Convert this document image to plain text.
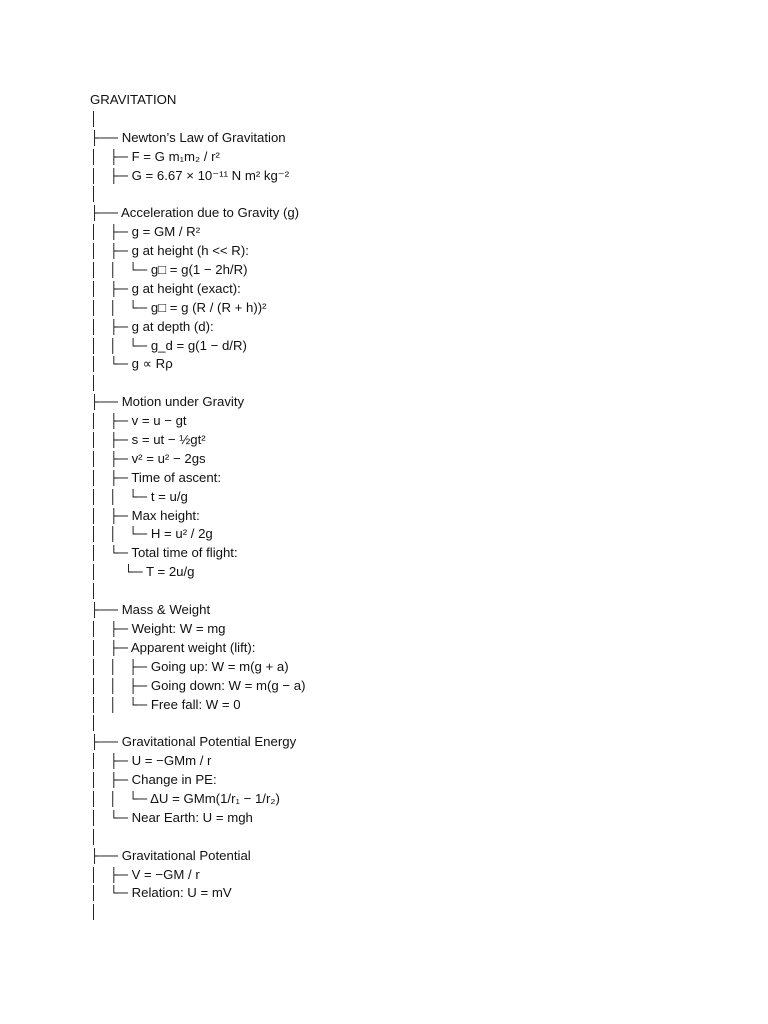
GRAVITATION
│
├── Newton’s Law of Gravitation
│   ├─ F = G m₁m₂ / r²
│   ├─ G = 6.67 × 10⁻¹¹ N m² kg⁻²
│
├── Acceleration due to Gravity (g)
│   ├─ g = GM / R²
│   ├─ g at height (h << R):
│   │   └─ g□ = g(1 − 2h/R)
│   ├─ g at height (exact):
│   │   └─ g□ = g (R / (R + h))²
│   ├─ g at depth (d):
│   │   └─ g_d = g(1 − d/R)
│   └─ g ∝ Rρ
│
├── Motion under Gravity
│   ├─ v = u − gt
│   ├─ s = ut − ½gt²
│   ├─ v² = u² − 2gs
│   ├─ Time of ascent:
│   │   └─ t = u/g
│   ├─ Max height:
│   │   └─ H = u² / 2g
│   └─ Total time of flight:
│       └─ T = 2u/g
│
├── Mass & Weight
│   ├─ Weight: W = mg
│   ├─ Apparent weight (lift):
│   │   ├─ Going up: W = m(g + a)
│   │   ├─ Going down: W = m(g − a)
│   │   └─ Free fall: W = 0
│
├── Gravitational Potential Energy
│   ├─ U = −GMm / r
│   ├─ Change in PE:
│   │   └─ ΔU = GMm(1/r₁ − 1/r₂)
│   └─ Near Earth: U = mgh
│
├── Gravitational Potential
│   ├─ V = −GM / r
│   └─ Relation: U = mV
│
